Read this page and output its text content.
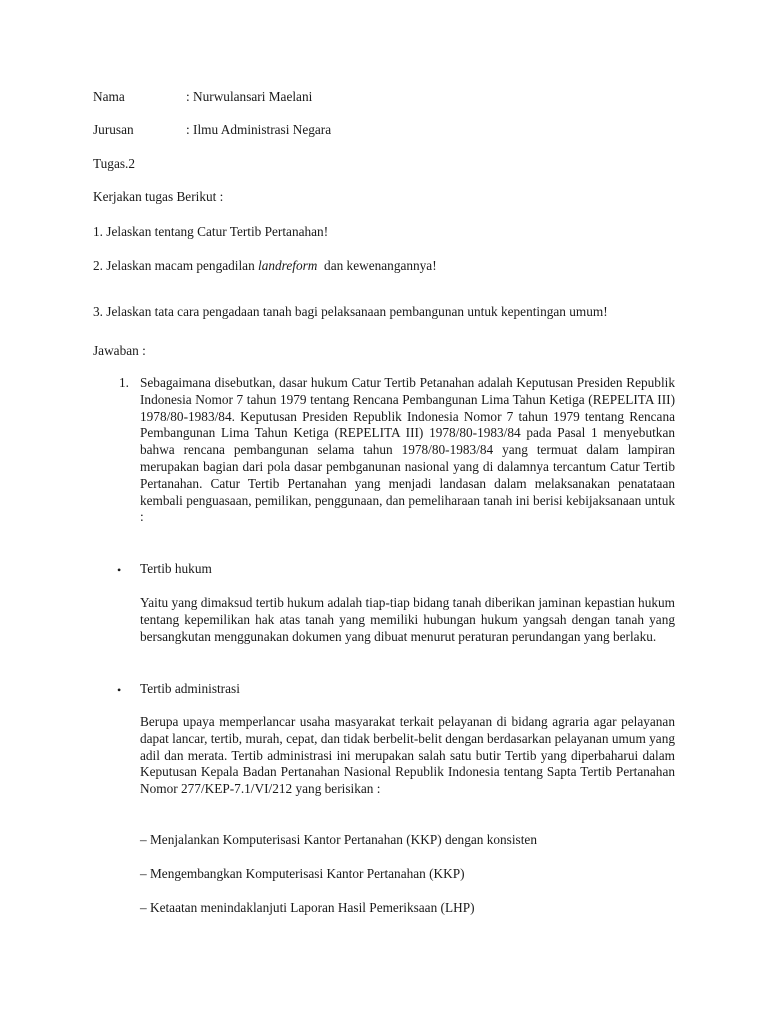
Nama	: Nurwulansari Maelani
Jurusan	: Ilmu Administrasi Negara
Tugas.2
Kerjakan tugas Berikut :
1. Jelaskan tentang Catur Tertib Pertanahan!
2. Jelaskan macam pengadilan landreform  dan kewenangannya!

3. Jelaskan tata cara pengadaan tanah bagi pelaksanaan pembangunan untuk kepentingan umum!

Jawaban :
1. Sebagaimana disebutkan, dasar hukum Catur Tertib Petanahan adalah Keputusan Presiden Republik Indonesia Nomor 7 tahun 1979 tentang Rencana Pembangunan Lima Tahun Ketiga (REPELITA III) 1978/80-1983/84. Keputusan Presiden Republik Indonesia Nomor 7 tahun 1979 tentang Rencana Pembangunan Lima Tahun Ketiga (REPELITA III) 1978/80-1983/84 pada Pasal 1 menyebutkan bahwa rencana pembangunan selama tahun 1978/80-1983/84 yang termuat dalam lampiran merupakan bagian dari pola dasar pembganunan nasional yang di dalamnya tercantum Catur Tertib Pertanahan. Catur Tertib Pertanahan yang menjadi landasan dalam melaksanakan penatataan kembali penguasaan, pemilikan, penggunaan, dan pemeliharaan tanah ini berisi kebijaksanaan untuk :

• Tertib hukum

Yaitu yang dimaksud tertib hukum adalah tiap-tiap bidang tanah diberikan jaminan kepastian hukum tentang kepemilikan hak atas tanah yang memiliki hubungan hukum yangsah dengan tanah yang bersangkutan menggunakan dokumen yang dibuat menurut peraturan perundangan yang berlaku.

• Tertib administrasi

Berupa upaya memperlancar usaha masyarakat terkait pelayanan di bidang agraria agar pelayanan dapat lancar, tertib, murah, cepat, dan tidak berbelit-belit dengan berdasarkan pelayanan umum yang adil dan merata. Tertib administrasi ini merupakan salah satu butir Tertib yang diperbaharui dalam Keputusan Kepala Badan Pertanahan Nasional Republik Indonesia tentang Sapta Tertib Pertanahan Nomor 277/KEP-7.1/VI/212 yang berisikan :

– Menjalankan Komputerisasi Kantor Pertanahan (KKP) dengan konsisten
– Mengembangkan Komputerisasi Kantor Pertanahan (KKP)
– Ketaatan menindaklanjuti Laporan Hasil Pemeriksaan (LHP)
